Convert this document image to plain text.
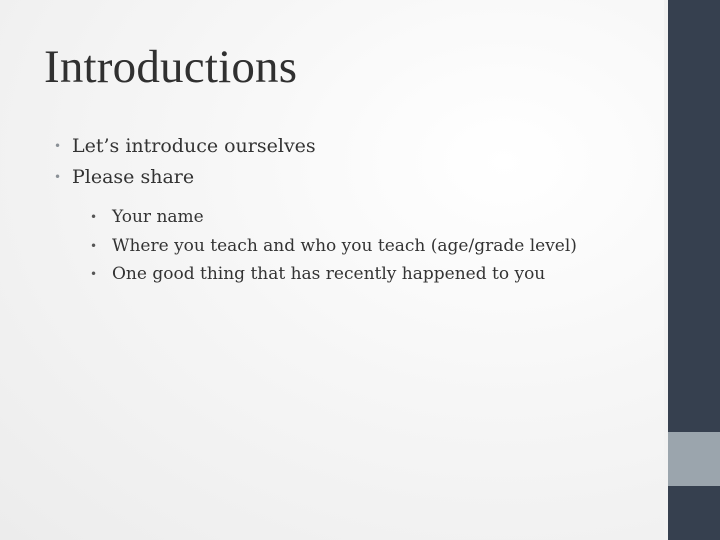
Introductions
• Let’s introduce ourselves
• Please share
• Your name
• Where you teach and who you teach (age/grade level)
• One good thing that has recently happened to you
